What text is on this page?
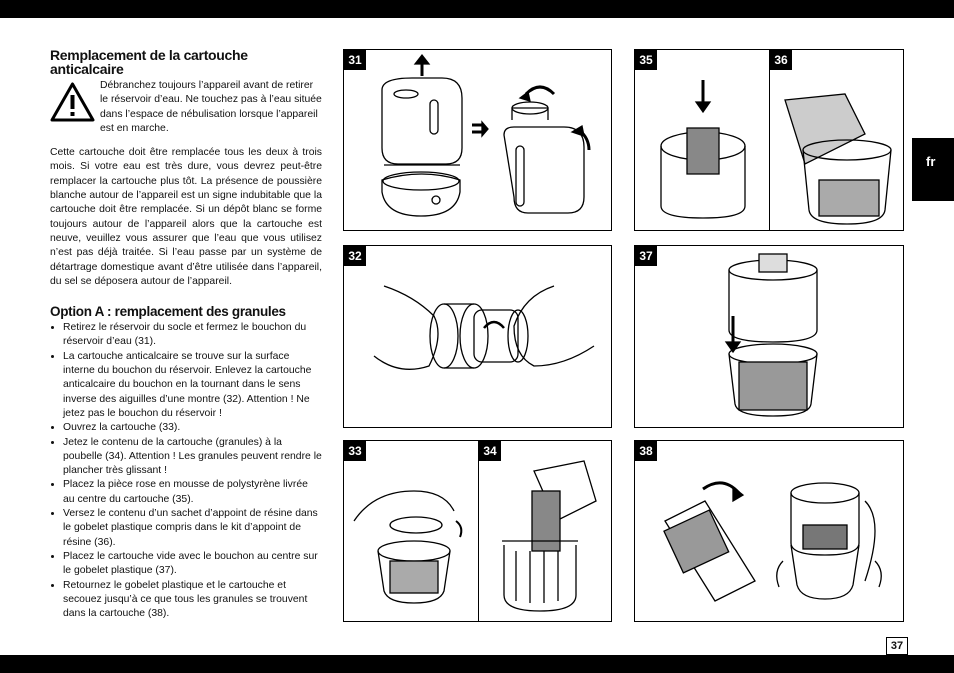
fr
37
Remplacement de la cartouche anticalcaire

Débranchez toujours l’appareil avant de retirer le réservoir d’eau. Ne touchez pas à l’eau située dans l’espace de nébulisation lorsque l’appareil est en marche.

Cette cartouche doit être remplacée tous les deux à trois mois. Si votre eau est très dure, vous devrez peut-être remplacer la cartouche plus tôt. La présence de poussière blanche autour de l’appareil est un signe indubitable que la cartouche doit être remplacée. Si un dépôt blanc se forme toujours autour de l’appareil alors que la cartouche est neuve, veuillez vous assurer que l’eau que vous utilisez n’est pas déjà traitée. Si l’eau passe par un système de détartrage domestique avant d’être utilisée dans l’appareil, du sel se déposera autour de l’appareil.

Option A : remplacement des granules
• Retirez le réservoir du socle et fermez le bouchon du réservoir d’eau (31).
• La cartouche anticalcaire se trouve sur la surface interne du bouchon du réservoir. Enlevez la cartouche anticalcaire du bouchon en la tournant dans le sens inverse des aiguilles d’une montre (32). Attention ! Ne jetez pas le bouchon du réservoir !
• Ouvrez la cartouche (33).
• Jetez le contenu de la cartouche (granules) à la poubelle (34). Attention ! Les granules peuvent rendre le plancher très glissant !
• Placez la pièce rose en mousse de polystyrène livrée au centre du cartouche (35).
• Versez le contenu d’un sachet d’appoint de résine dans le gobelet plastique compris dans le kit d’appoint de résine (36).
• Placez le cartouche vide avec le bouchon au centre sur le gobelet plastique (37).
• Retournez le gobelet plastique et le cartouche et secouez jusqu’à ce que tous les granules se trouvent dans la cartouche (38).
31	35	36
32	37
33	34	38
